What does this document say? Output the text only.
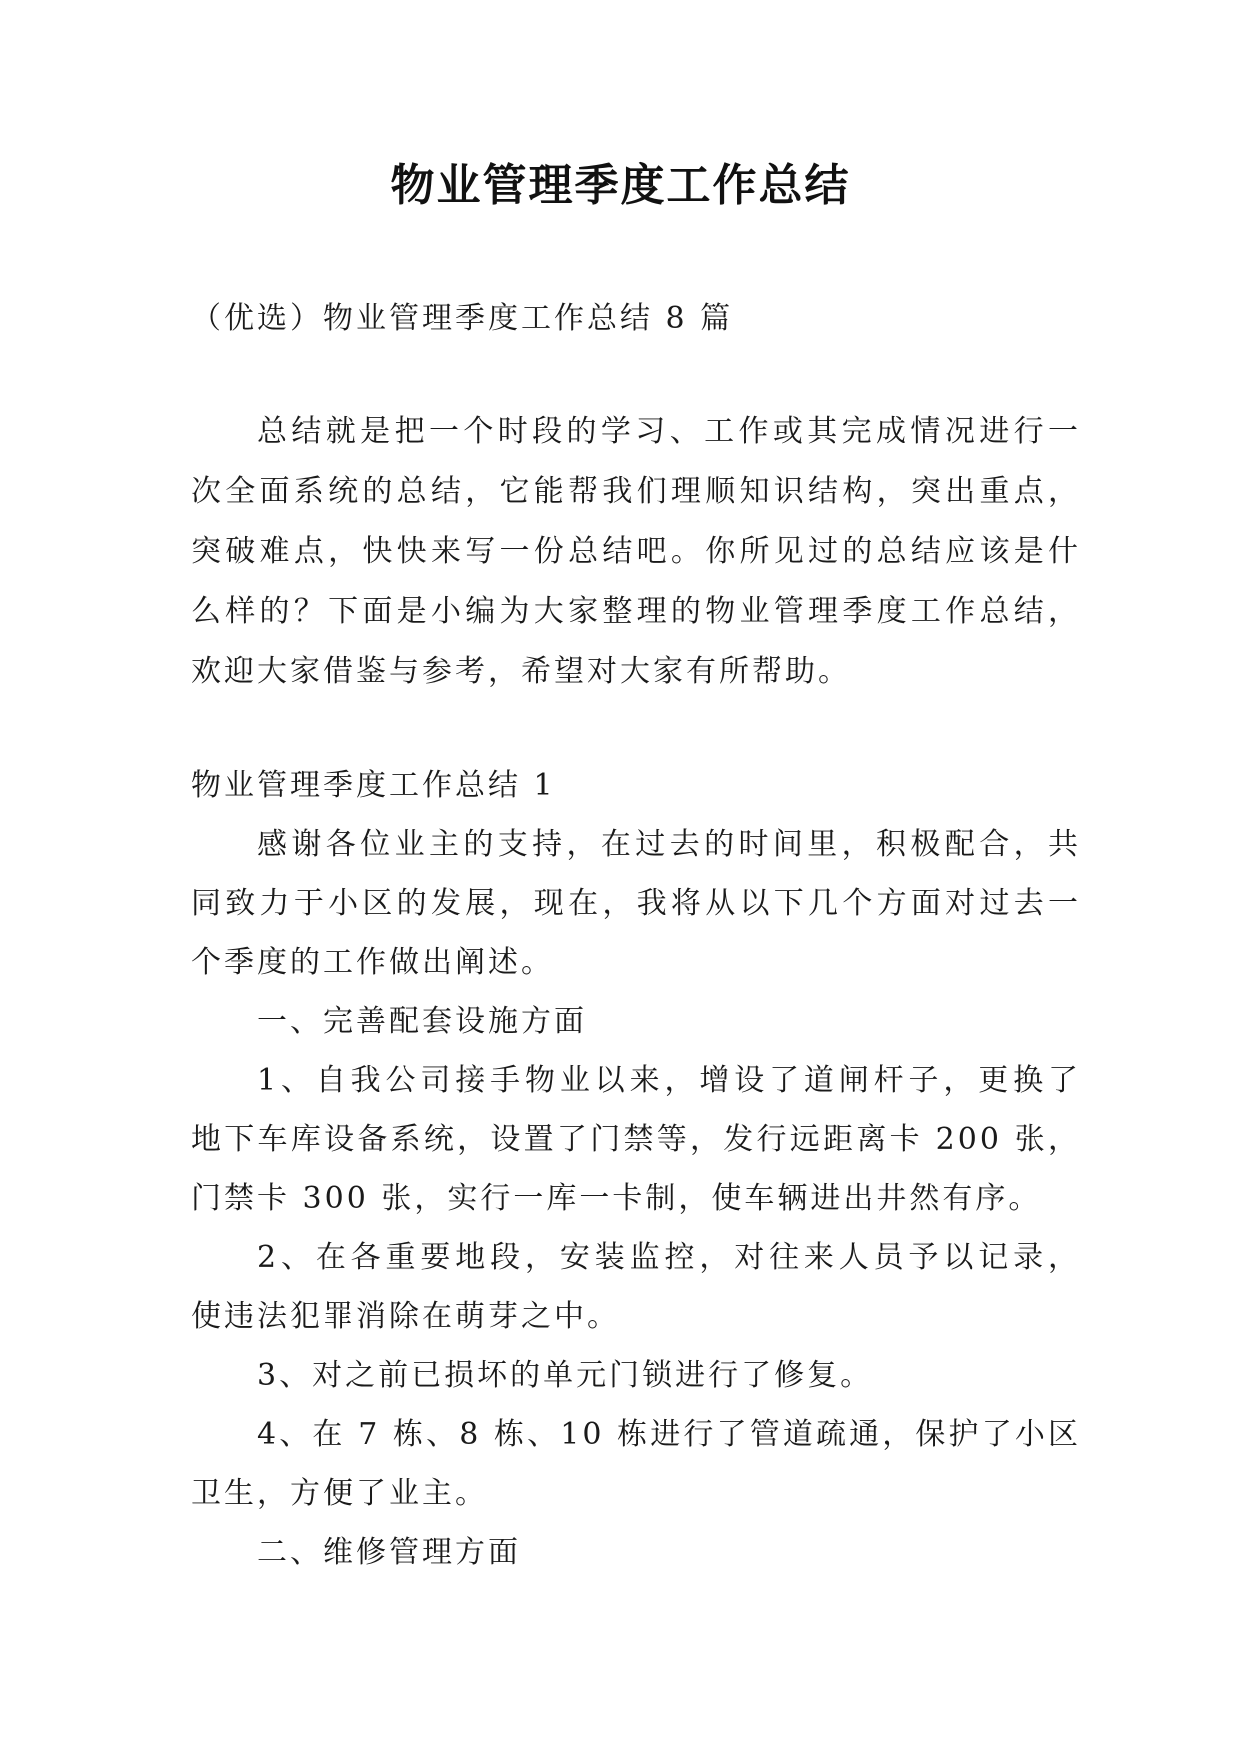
物业管理季度工作总结
（优选）物业管理季度工作总结 8 篇
总结就是把一个时段的学习、工作或其完成情况进行一
次全面系统的总结，它能帮我们理顺知识结构，突出重点，
突破难点，快快来写一份总结吧。你所见过的总结应该是什
么样的？下面是小编为大家整理的物业管理季度工作总结，
欢迎大家借鉴与参考，希望对大家有所帮助。
物业管理季度工作总结 1
感谢各位业主的支持，在过去的时间里，积极配合，共
同致力于小区的发展，现在，我将从以下几个方面对过去一
个季度的工作做出阐述。
一、完善配套设施方面
1、自我公司接手物业以来，增设了道闸杆子，更换了
地下车库设备系统，设置了门禁等，发行远距离卡 200 张，
门禁卡 300 张，实行一库一卡制，使车辆进出井然有序。
2、在各重要地段，安装监控，对往来人员予以记录，
使违法犯罪消除在萌芽之中。
3、对之前已损坏的单元门锁进行了修复。
4、在 7 栋、8 栋、10 栋进行了管道疏通，保护了小区
卫生，方便了业主。
二、维修管理方面
